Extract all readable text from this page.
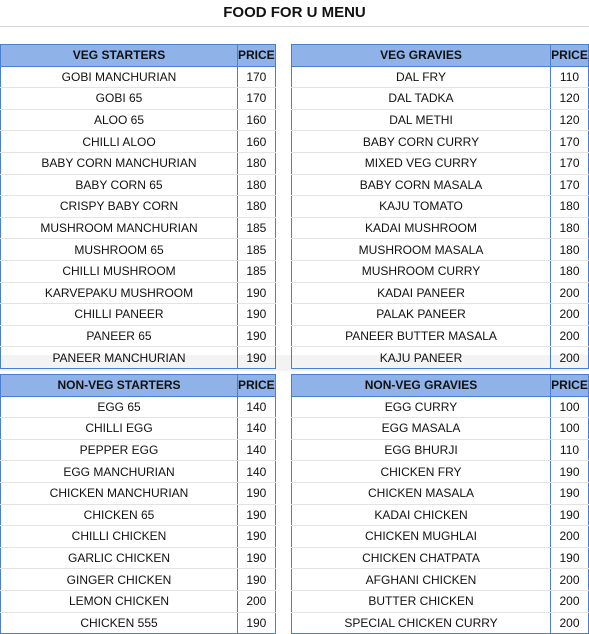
FOOD FOR U MENU
VEG STARTERS	PRICE
GOBI MANCHURIAN	170
GOBI 65	170
ALOO 65	160
CHILLI ALOO	160
BABY CORN MANCHURIAN	180
BABY CORN 65	180
CRISPY BABY CORN	180
MUSHROOM MANCHURIAN	185
MUSHROOM 65	185
CHILLI MUSHROOM	185
KARVEPAKU MUSHROOM	190
CHILLI PANEER	190
PANEER 65	190
PANEER MANCHURIAN	190
VEG GRAVIES	PRICE
DAL FRY	110
DAL TADKA	120
DAL METHI	120
BABY CORN CURRY	170
MIXED VEG CURRY	170
BABY CORN MASALA	170
KAJU TOMATO	180
KADAI MUSHROOM	180
MUSHROOM MASALA	180
MUSHROOM CURRY	180
KADAI PANEER	200
PALAK PANEER	200
PANEER BUTTER MASALA	200
KAJU PANEER	200
NON-VEG STARTERS	PRICE
EGG 65	140
CHILLI EGG	140
PEPPER EGG	140
EGG MANCHURIAN	140
CHICKEN MANCHURIAN	190
CHICKEN 65	190
CHILLI CHICKEN	190
GARLIC CHICKEN	190
GINGER CHICKEN	190
LEMON CHICKEN	200
CHICKEN 555	190
NON-VEG GRAVIES	PRICE
EGG CURRY	100
EGG MASALA	100
EGG BHURJI	110
CHICKEN FRY	190
CHICKEN MASALA	190
KADAI CHICKEN	190
CHICKEN MUGHLAI	200
CHICKEN CHATPATA	190
AFGHANI CHICKEN	200
BUTTER CHICKEN	200
SPECIAL CHICKEN CURRY	200
